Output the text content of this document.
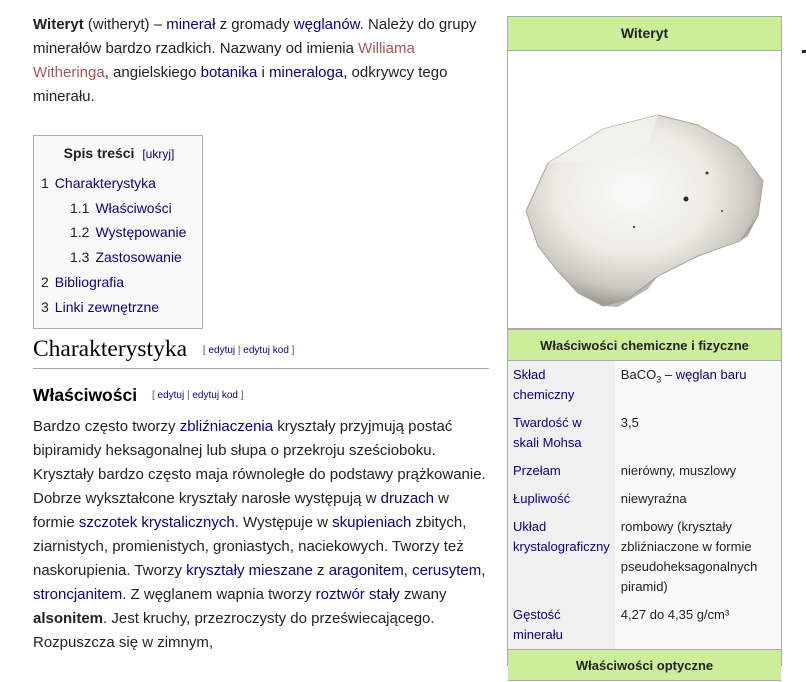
Witeryt (witheryt) – minerał z gromady węglanów. Należy do grupy minerałów bardzo rzadkich. Nazwany od imienia Williama Witheringa, angielskiego botanika i mineraloga, odkrywcy tego minerału.

Spis treści [ukryj]
1 Charakterystyka
1.1 Właściwości
1.2 Występowanie
1.3 Zastosowanie
2 Bibliografia
3 Linki zewnętrzne
Charakterystyka [ edytuj | edytuj kod ]
Właściwości [ edytuj | edytuj kod ]

Bardzo często tworzy zbliźniaczenia kryształy przyjmują postać bipiramidy heksagonalnej lub słupa o przekroju sześcioboku. Kryształy bardzo często maja równoległe do podstawy prążkowanie. Dobrze wykształcone kryształy narosłe występują w druzach w formie szczotek krystalicznych. Występuje w skupieniach zbitych, ziarnistych, promienistych, groniastych, naciekowych. Tworzy też naskorupienia. Tworzy kryształy mieszane z aragonitem, cerusytem, stroncjanitem. Z węglanem wapnia tworzy roztwór stały zwany alsonitem. Jest kruchy, przezroczysty do przeświecającego. Rozpuszcza się w zimnym,

Witeryt
Właściwości chemiczne i fizyczne
Skład chemiczny	BaCO$_3$ – węglan baru
Twardość w skali Mohsa	3,5
Przełam	nierówny, muszlowy
Łupliwość	niewyraźna
Układ krystalograficzny	rombowy (kryształy zbliźniaczone w formie pseudoheksagonalnych piramid)
Gęstość minerału	4,27 do 4,35 g/cm³
Właściwości optyczne
